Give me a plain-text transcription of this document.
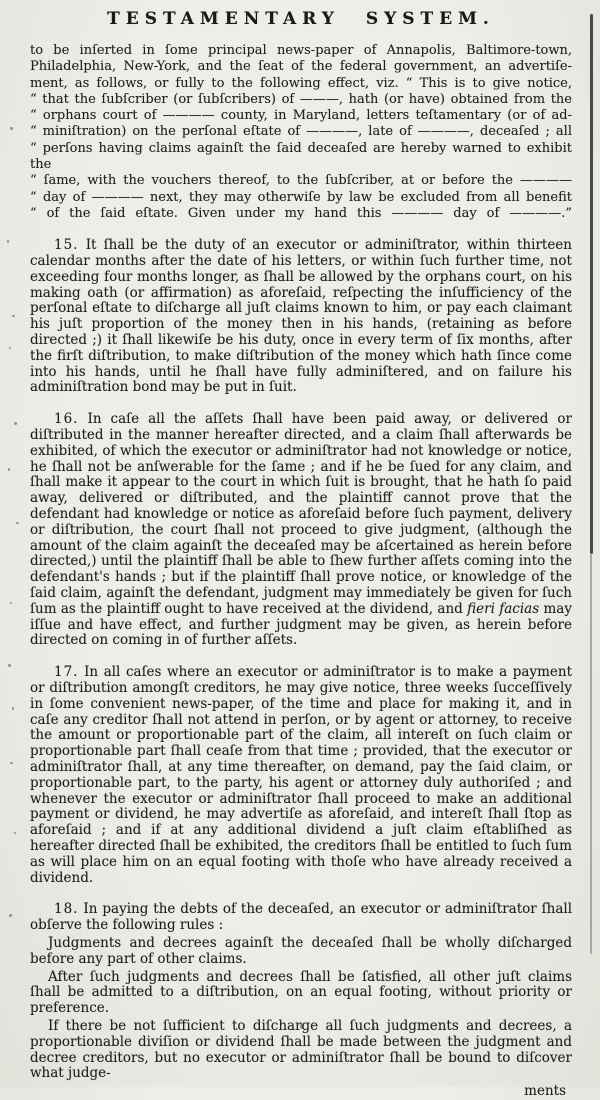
TESTAMENTARY SYSTEM.
to be inſerted in ſome principal news-paper of Annapolis, Baltimore-town,
Philadelphia, New-York, and the ſeat of the federal government, an advertiſe-
ment, as follows, or fully to the following effect, viz. “ This is to give notice,
“ that the ſubſcriber (or ſubſcribers) of ———, hath (or have) obtained from the
“ orphans court of ———— county, in Maryland, letters teſtamentary (or of ad-
“ miniſtration) on the perſonal eſtate of ————, late of ————, deceaſed ; all
“ perſons having claims againſt the ſaid deceaſed are hereby warned to exhibit the
“ ſame, with the vouchers thereof, to the ſubſcriber, at or before the ————
“ day of ———— next, they may otherwiſe by law be excluded from all benefit
“ of the ſaid eſtate. Given under my hand this ———— day of ————.”

15. It ſhall be the duty of an executor or adminiſtrator, within thirteen calendar months after the date of his letters, or within ſuch further time, not exceeding four months longer, as ſhall be allowed by the orphans court, on his making oath (or affirmation) as aforeſaid, reſpecting the inſufficiency of the perſonal eſtate to diſcharge all juſt claims known to him, or pay each claimant his juſt proportion of the money then in his hands, (retaining as before directed ;) it ſhall likewiſe be his duty, once in every term of ſix months, after the firſt diſtribution, to make diſtribution of the money which hath ſince come into his hands, until he ſhall have fully adminiſtered, and on failure his adminiſtration bond may be put in ſuit.

16. In caſe all the aſſets ſhall have been paid away, or delivered or diſtributed in the manner hereafter directed, and a claim ſhall afterwards be exhibited, of which the executor or adminiſtrator had not knowledge or notice, he ſhall not be anſwerable for the ſame ; and if he be ſued for any claim, and ſhall make it appear to the court in which ſuit is brought, that he hath ſo paid away, delivered or diſtributed, and the plaintiff cannot prove that the defendant had knowledge or notice as aforeſaid before ſuch payment, delivery or diſtribution, the court ſhall not proceed to give judgment, (although the amount of the claim againſt the deceaſed may be aſcertained as herein before directed,) until the plaintiff ſhall be able to ſhew further aſſets coming into the defendant's hands ; but if the plaintiff ſhall prove notice, or knowledge of the ſaid claim, againſt the defendant, judgment may immediately be given for ſuch ſum as the plaintiff ought to have received at the dividend, and fieri facias may iſſue and have effect, and further judgment may be given, as herein before directed on coming in of further aſſets.

17. In all caſes where an executor or adminiſtrator is to make a payment or diſtribution amongſt creditors, he may give notice, three weeks ſucceſſively in ſome convenient news-paper, of the time and place for making it, and in caſe any creditor ſhall not attend in perſon, or by agent or attorney, to receive the amount or proportionable part of the claim, all intereſt on ſuch claim or proportionable part ſhall ceaſe from that time ; provided, that the executor or adminiſtrator ſhall, at any time thereafter, on demand, pay the ſaid claim, or proportionable part, to the party, his agent or attorney duly authoriſed ; and whenever the executor or adminiſtrator ſhall proceed to make an additional payment or dividend, he may advertiſe as aforeſaid, and intereſt ſhall ſtop as aforeſaid ; and if at any additional dividend a juſt claim eſtabliſhed as hereafter directed ſhall be exhibited, the creditors ſhall be entitled to ſuch ſum as will place him on an equal footing with thoſe who have already received a dividend.

18. In paying the debts of the deceaſed, an executor or adminiſtrator ſhall obſerve the following rules :

Judgments and decrees againſt the deceaſed ſhall be wholly diſcharged before any part of other claims.

After ſuch judgments and decrees ſhall be ſatisfied, all other juſt claims ſhall be admitted to a diſtribution, on an equal footing, without priority or preference.

If there be not ſufficient to diſcharge all ſuch judgments and decrees, a proportionable diviſion or dividend ſhall be made between the judgment and decree creditors, but no executor or adminiſtrator ſhall be bound to diſcover what judge-

ments
